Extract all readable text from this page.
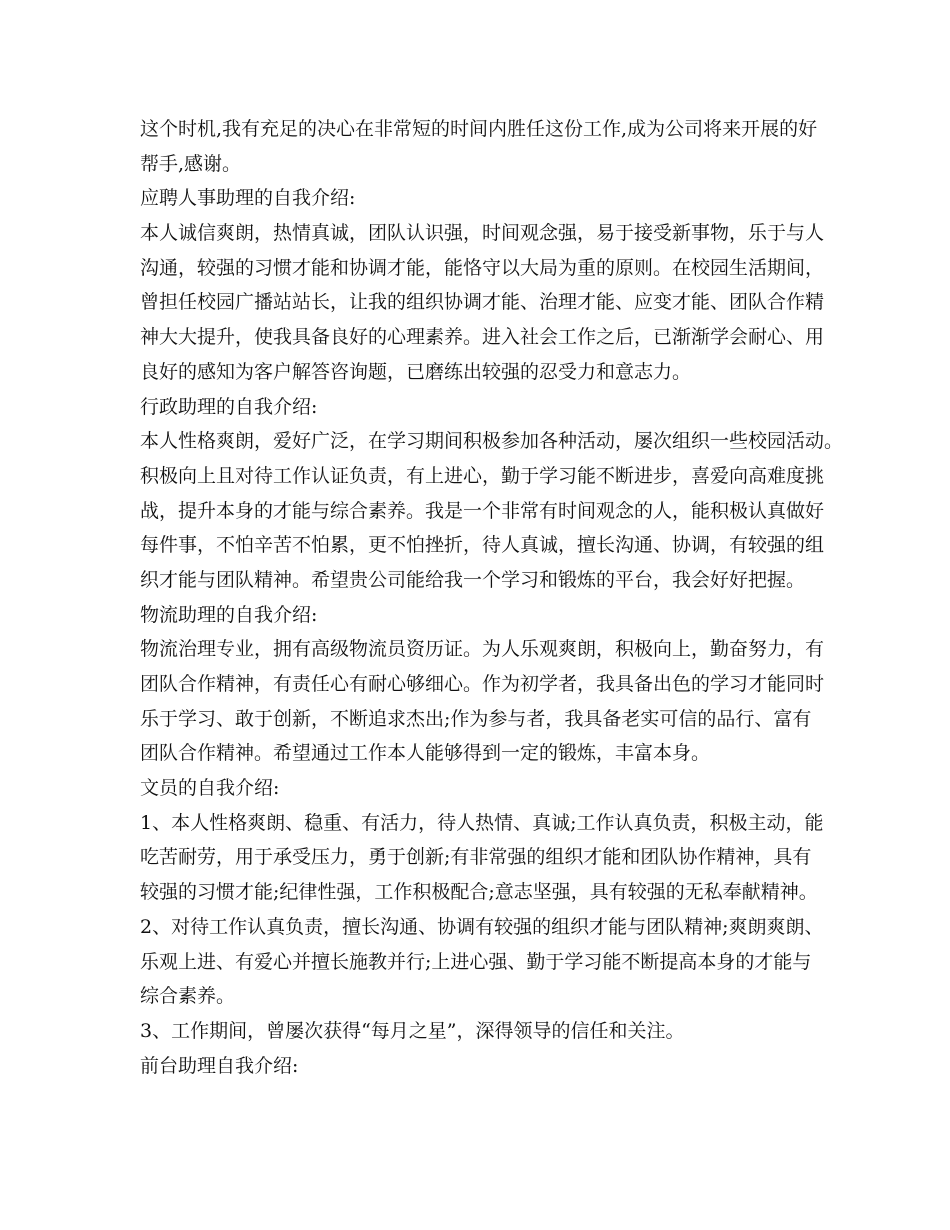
这个时机,我有充足的决心在非常短的时间内胜任这份工作,成为公司将来开展的好
帮手,感谢。
应聘人事助理的自我介绍:
本人诚信爽朗，热情真诚，团队认识强，时间观念强，易于接受新事物，乐于与人
沟通，较强的习惯才能和协调才能，能恪守以大局为重的原则。在校园生活期间，
曾担任校园广播站站长，让我的组织协调才能、治理才能、应变才能、团队合作精
神大大提升，使我具备良好的心理素养。进入社会工作之后，已渐渐学会耐心、用
良好的感知为客户解答咨询题，已磨练出较强的忍受力和意志力。
行政助理的自我介绍:
本人性格爽朗，爱好广泛，在学习期间积极参加各种活动，屡次组织一些校园活动。
积极向上且对待工作认证负责，有上进心，勤于学习能不断进步，喜爱向高难度挑
战，提升本身的才能与综合素养。我是一个非常有时间观念的人，能积极认真做好
每件事，不怕辛苦不怕累，更不怕挫折，待人真诚，擅长沟通、协调，有较强的组
织才能与团队精神。希望贵公司能给我一个学习和锻炼的平台，我会好好把握。
物流助理的自我介绍:
物流治理专业，拥有高级物流员资历证。为人乐观爽朗，积极向上，勤奋努力，有
团队合作精神，有责任心有耐心够细心。作为初学者，我具备出色的学习才能同时
乐于学习、敢于创新，不断追求杰出;作为参与者，我具备老实可信的品行、富有
团队合作精神。希望通过工作本人能够得到一定的锻炼，丰富本身。
文员的自我介绍:
1、本人性格爽朗、稳重、有活力，待人热情、真诚;工作认真负责，积极主动，能
吃苦耐劳，用于承受压力，勇于创新;有非常强的组织才能和团队协作精神，具有
较强的习惯才能;纪律性强，工作积极配合;意志坚强，具有较强的无私奉献精神。
2、对待工作认真负责，擅长沟通、协调有较强的组织才能与团队精神;爽朗爽朗、
乐观上进、有爱心并擅长施教并行;上进心强、勤于学习能不断提高本身的才能与
综合素养。
3、工作期间，曾屡次获得“每月之星”，深得领导的信任和关注。
前台助理自我介绍:
